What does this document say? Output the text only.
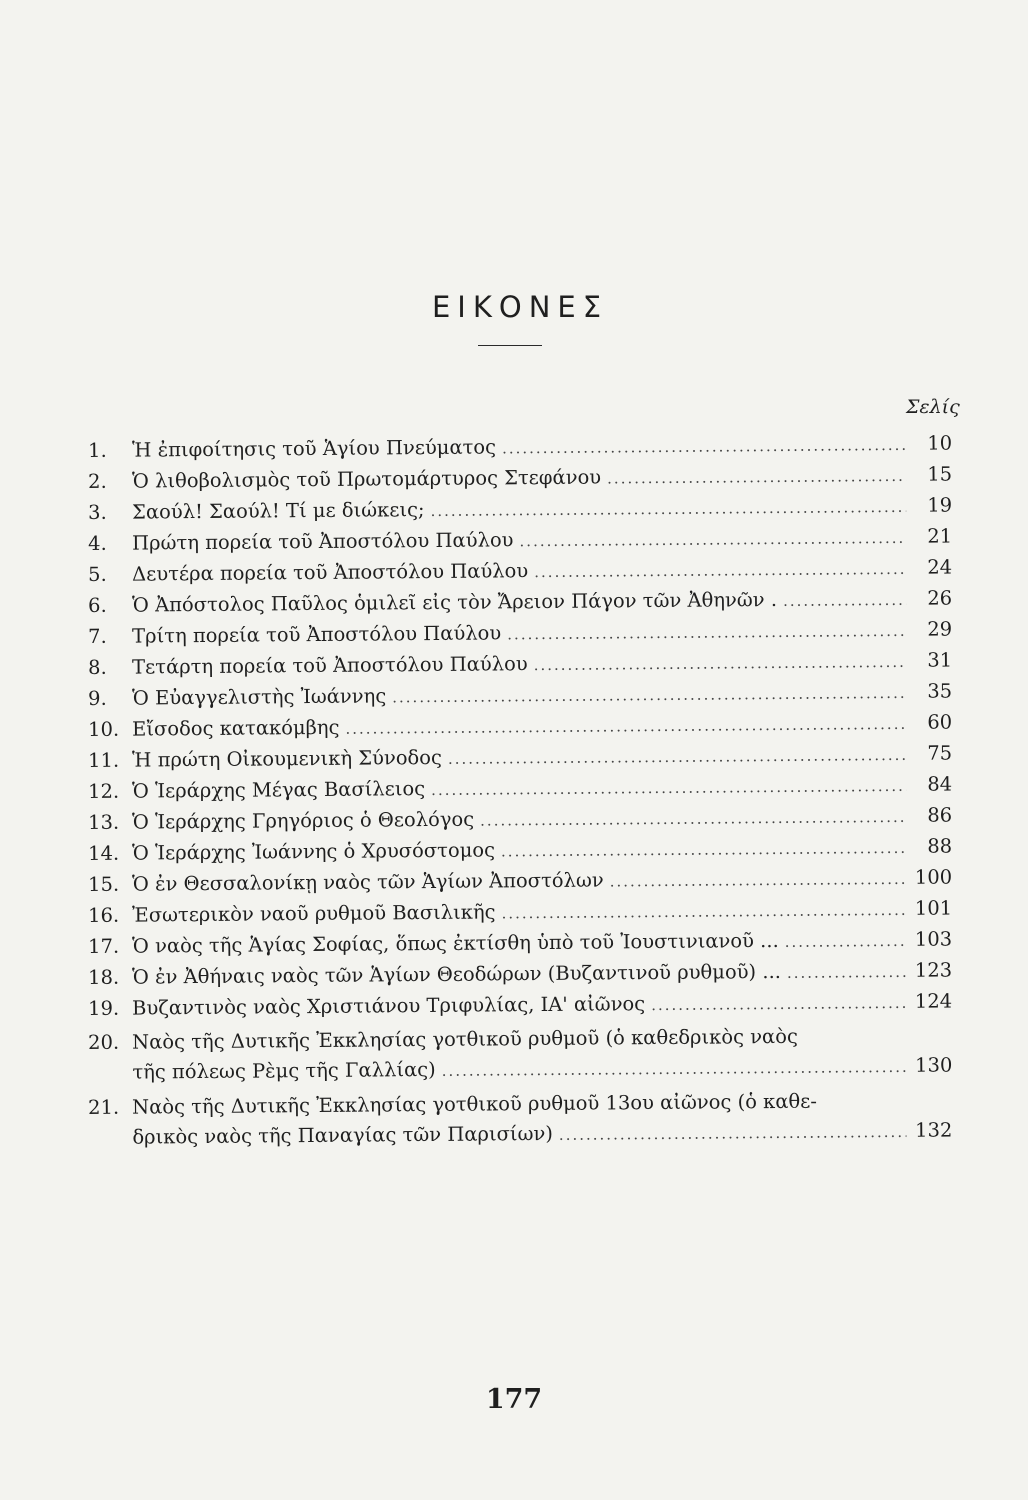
ΕΙΚΟΝΕΣ
Σελίς
1.	Ἡ ἐπιφοίτησις τοῦ Ἁγίου Πνεύματος .....	10
2.	Ὁ λιθοβολισμὸς τοῦ Πρωτομάρτυρος Στεφάνου .....	15
3.	Σαούλ! Σαούλ! Τί με διώκεις; .....	19
4.	Πρώτη πορεία τοῦ Ἀποστόλου Παύλου .....	21
5.	Δευτέρα πορεία τοῦ Ἀποστόλου Παύλου .....	24
6.	Ὁ Ἀπόστολος Παῦλος ὁμιλεῖ εἰς τὸν Ἄρειον Πάγον τῶν Ἀθηνῶν . .....	26
7.	Τρίτη πορεία τοῦ Ἀποστόλου Παύλου .....	29
8.	Τετάρτη πορεία τοῦ Ἀποστόλου Παύλου .....	31
9.	Ὁ Εὐαγγελιστὴς Ἰωάννης .....	35
10. Εἴσοδος κατακόμβης .....	60
11. Ἡ πρώτη Οἰκουμενικὴ Σύνοδος .....	75
12. Ὁ Ἱεράρχης Μέγας Βασίλειος .....	84
13. Ὁ Ἱεράρχης Γρηγόριος ὁ Θεολόγος .....	86
14. Ὁ Ἱεράρχης Ἰωάννης ὁ Χρυσόστομος .....	88
15. Ὁ ἐν Θεσσαλονίκῃ ναὸς τῶν Ἁγίων Ἀποστόλων .....	100
16. Ἐσωτερικὸν ναοῦ ρυθμοῦ Βασιλικῆς .....	101
17. Ὁ ναὸς τῆς Ἁγίας Σοφίας, ὅπως ἐκτίσθη ὑπὸ τοῦ Ἰουστινιανοῦ ... .....	103
18. Ὁ ἐν Ἀθήναις ναὸς τῶν Ἁγίων Θεοδώρων (Βυζαντινοῦ ρυθμοῦ) ... .....	123
19. Βυζαντινὸς ναὸς Χριστιάνου Τριφυλίας, ΙΑ' αἰῶνος .....	124
20. Ναὸς τῆς Δυτικῆς Ἐκκλησίας γοτθικοῦ ρυθμοῦ (ὁ καθεδρικὸς ναὸς
τῆς πόλεως Ρὲμς τῆς Γαλλίας) .....	130
21. Ναὸς τῆς Δυτικῆς Ἐκκλησίας γοτθικοῦ ρυθμοῦ 13ου αἰῶνος (ὁ καθε-
δρικὸς ναὸς τῆς Παναγίας τῶν Παρισίων) .....	132
177
